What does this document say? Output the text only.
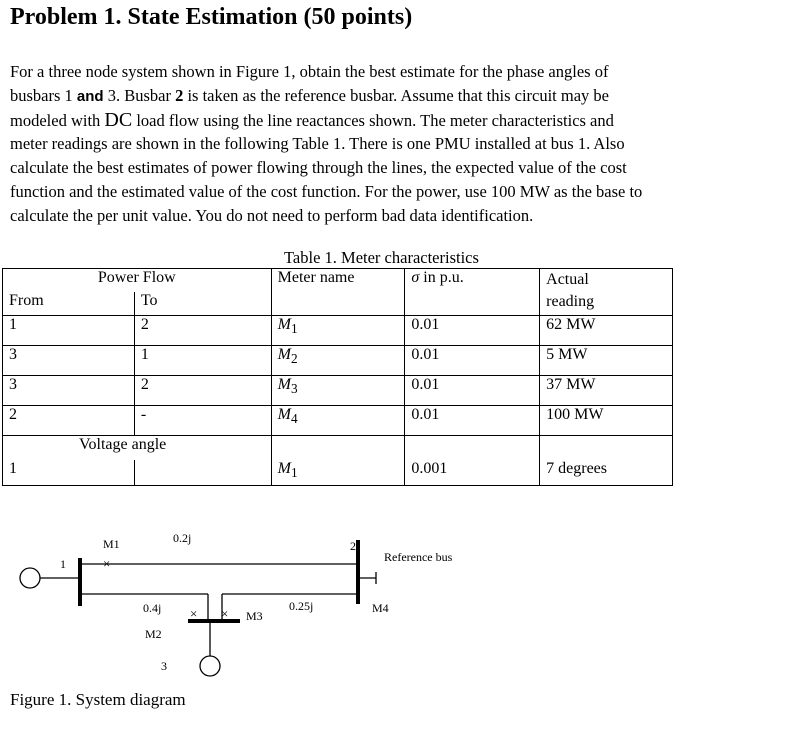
Problem 1. State Estimation (50 points)
For a three node system shown in Figure 1, obtain the best estimate for the phase angles of
busbars 1 and 3. Busbar 2 is taken as the reference busbar. Assume that this circuit may be
modeled with DC load flow using the line reactances shown. The meter characteristics and
meter readings are shown in the following Table 1. There is one PMU installed at bus 1. Also
calculate the best estimates of power flowing through the lines, the expected value of the cost
function and the estimated value of the cost function. For the power, use 100 MW as the base to
calculate the per unit value. You do not need to perform bad data identification.
Table 1. Meter characteristics
Power Flow		Meter name	σ in p.u.	Actual
reading
From	To			
1	2	$M_1$	0.01	62 MW
3	1	$M_2$	0.01	5 MW
3	2	$M_3$	0.01	37 MW
2	-	$M_4$	0.01	100 MW
Voltage angle				
1		$M_1$	0.001	7 degrees
1
M1
×
0.2j
2
Reference bus
M4
0.4j
M2
×	0.25j
M3
×
3
Figure 1. System diagram
